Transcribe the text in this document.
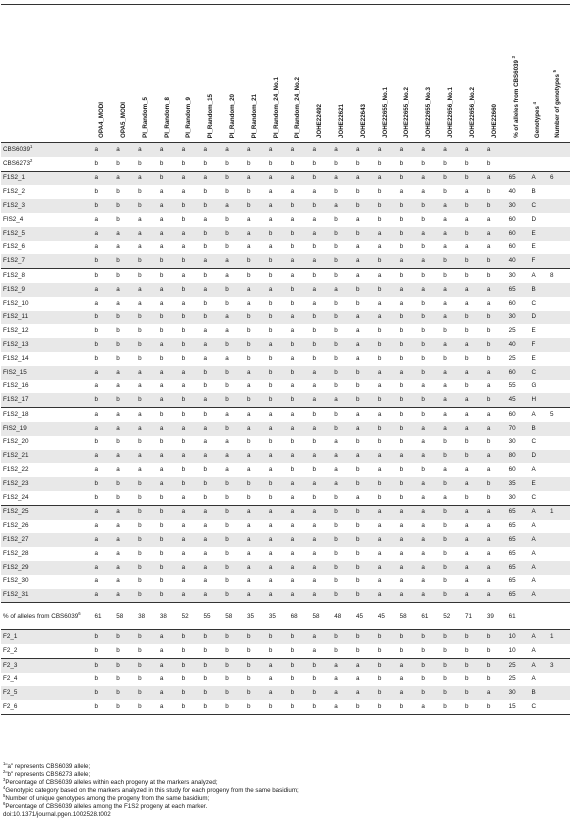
	OPA4_MODI	OPA5_MODI	PI_Random_5	PI_Random_8	PI_Random_9	PI_Random_15	PI_Random_20	PI_Random_21	PI_Random_24_No.1	PI_Random_24_No.2	JOHE22492	JOHE22621	JOHE22643	JOHE22655_No.1	JOHE22655_No.2	JOHE22655_No.3	JOHE22656_No.1	JOHE22656_No.2	JOHE22660	% of alleles from CBS6039 $^3$	Genotypes $^4$	Number of genotypes $^5$

CBS6039$^1$	a	a	a	a	a	a	a	a	a	a	a	a	a	a	a	a	a	a	a			
CBS6273$^2$	b	b	b	b	b	b	b	b	b	b	b	b	b	b	b	b	b	b	b			
F1S2_1	a	a	a	b	a	a	b	a	a	a	b	a	a	a	b	a	b	b	a	65	A	6
F1S2_2	b	b	b	a	a	b	b	b	a	a	a	b	b	b	a	a	b	a	b	40	B	
F1S2_3	b	b	b	a	b	b	a	b	a	b	b	a	b	b	b	b	a	b	b	30	C	
FIS2_4	a	b	a	a	b	a	b	a	a	a	a	b	a	b	b	b	a	a	a	60	D	
F1S2_5	a	a	a	a	a	b	b	a	b	b	a	b	b	a	b	a	a	b	a	60	E	
F1S2_6	a	a	a	a	a	b	b	a	a	b	b	b	a	a	b	b	a	a	a	60	E	
F1S2_7	b	b	b	b	b	a	a	b	b	a	a	b	a	b	a	a	b	b	b	40	F	
F1S2_8	b	b	b	b	a	b	a	b	b	a	b	b	a	a	b	b	b	b	b	30	A	8
F1S2_9	a	a	a	a	b	a	b	a	a	b	a	a	b	b	a	a	a	a	a	65	B	
F1S2_10	a	a	a	a	a	b	b	a	b	b	a	b	b	a	a	b	a	a	a	60	C	
F1S2_11	b	b	b	b	b	b	a	b	b	a	b	b	a	a	b	b	a	b	b	30	D	
F1S2_12	b	b	b	b	b	a	a	b	b	a	b	b	a	b	b	b	b	b	b	25	E	
F1S2_13	b	b	b	a	b	a	b	b	a	b	b	b	a	b	b	b	a	a	b	40	F	
F1S2_14	b	b	b	b	b	a	a	b	b	a	b	b	a	b	b	b	b	b	b	25	E	
FIS2_15	a	a	a	a	a	b	b	a	b	b	a	b	b	a	a	b	a	a	a	60	C	
F1S2_16	a	a	a	a	a	b	b	a	b	a	a	b	b	a	b	a	a	b	a	55	G	
F1S2_17	b	b	b	a	b	a	b	b	b	b	a	a	b	b	b	b	a	a	b	45	H	
F1S2_18	a	a	a	b	b	b	a	a	a	a	b	b	a	a	b	b	a	a	a	60	A	5
FIS2_19	a	a	a	a	a	a	b	a	a	a	a	b	a	b	b	a	a	a	a	70	B	
F1S2_20	b	b	b	b	b	a	a	b	b	b	b	a	b	b	b	a	b	b	b	30	C	
F1S2_21	a	a	a	a	a	a	a	a	a	a	a	a	a	a	a	a	b	b	a	80	D	
F1S2_22	a	a	a	a	b	b	a	a	a	b	b	a	b	a	b	b	a	a	a	60	A	
F1S2_23	b	b	b	a	b	b	b	b	b	a	a	a	b	b	b	a	b	a	b	35	E	
F1S2_24	b	b	b	b	a	b	b	b	b	a	b	b	a	b	b	a	a	b	b	30	C	
F1S2_25	a	a	b	b	a	a	b	a	a	a	a	b	b	a	a	a	b	a	a	65	A	1
F1S2_26	a	a	b	b	a	a	b	a	a	a	a	b	b	a	a	a	b	a	a	65	A	
F1S2_27	a	a	b	b	a	a	b	a	a	a	a	b	b	a	a	a	b	a	a	65	A	
F1S2_28	a	a	b	b	a	a	b	a	a	a	a	b	b	a	a	a	b	a	a	65	A	
F1S2_29	a	a	b	b	a	a	b	a	a	a	a	b	b	a	a	a	b	a	a	65	A	
F1S2_30	a	a	b	b	a	a	b	a	a	a	a	b	b	a	a	a	b	a	a	65	A	
F1S2_31	a	a	b	b	a	a	b	a	a	a	a	b	b	a	a	a	b	a	a	65	A	
% of alleles from CBS6039$^6$	61	58	38	38	52	55	58	35	35	68	58	48	45	45	58	61	52	71	39	61		
F2_1	b	b	b	a	b	b	b	b	b	b	a	b	b	b	b	b	b	b	b	10	A	1
F2_2	b	b	b	a	b	b	b	b	b	b	a	b	b	b	b	b	b	b	b	10	A	
F2_3	b	b	b	a	b	b	b	b	a	b	b	a	a	b	a	b	b	b	b	25	A	3
F2_4	b	b	b	a	b	b	b	b	a	b	b	a	a	b	a	b	b	b	b	25	A	
F2_5	b	b	b	a	b	b	b	b	a	b	b	a	a	b	a	b	b	b	a	30	B	
F2_6	b	b	b	a	b	b	b	b	b	b	b	a	b	b	b	a	b	b	b	15	C	
$^1$"a" represents CBS6039 allele;
$^2$"b" represents CBS6273 allele;
$^3$Percentage of CBS6039 alleles within each progeny at the markers analyzed;
$^4$Genotypic category based on the markers analyzed in this study for each progeny from the same basidium;
$^5$Number of unique genotypes among the progeny from the same basidium;
$^6$Percentage of CBS6039 alleles among the F1S2 progeny at each marker.
doi:10.1371/journal.pgen.1002528.t002
